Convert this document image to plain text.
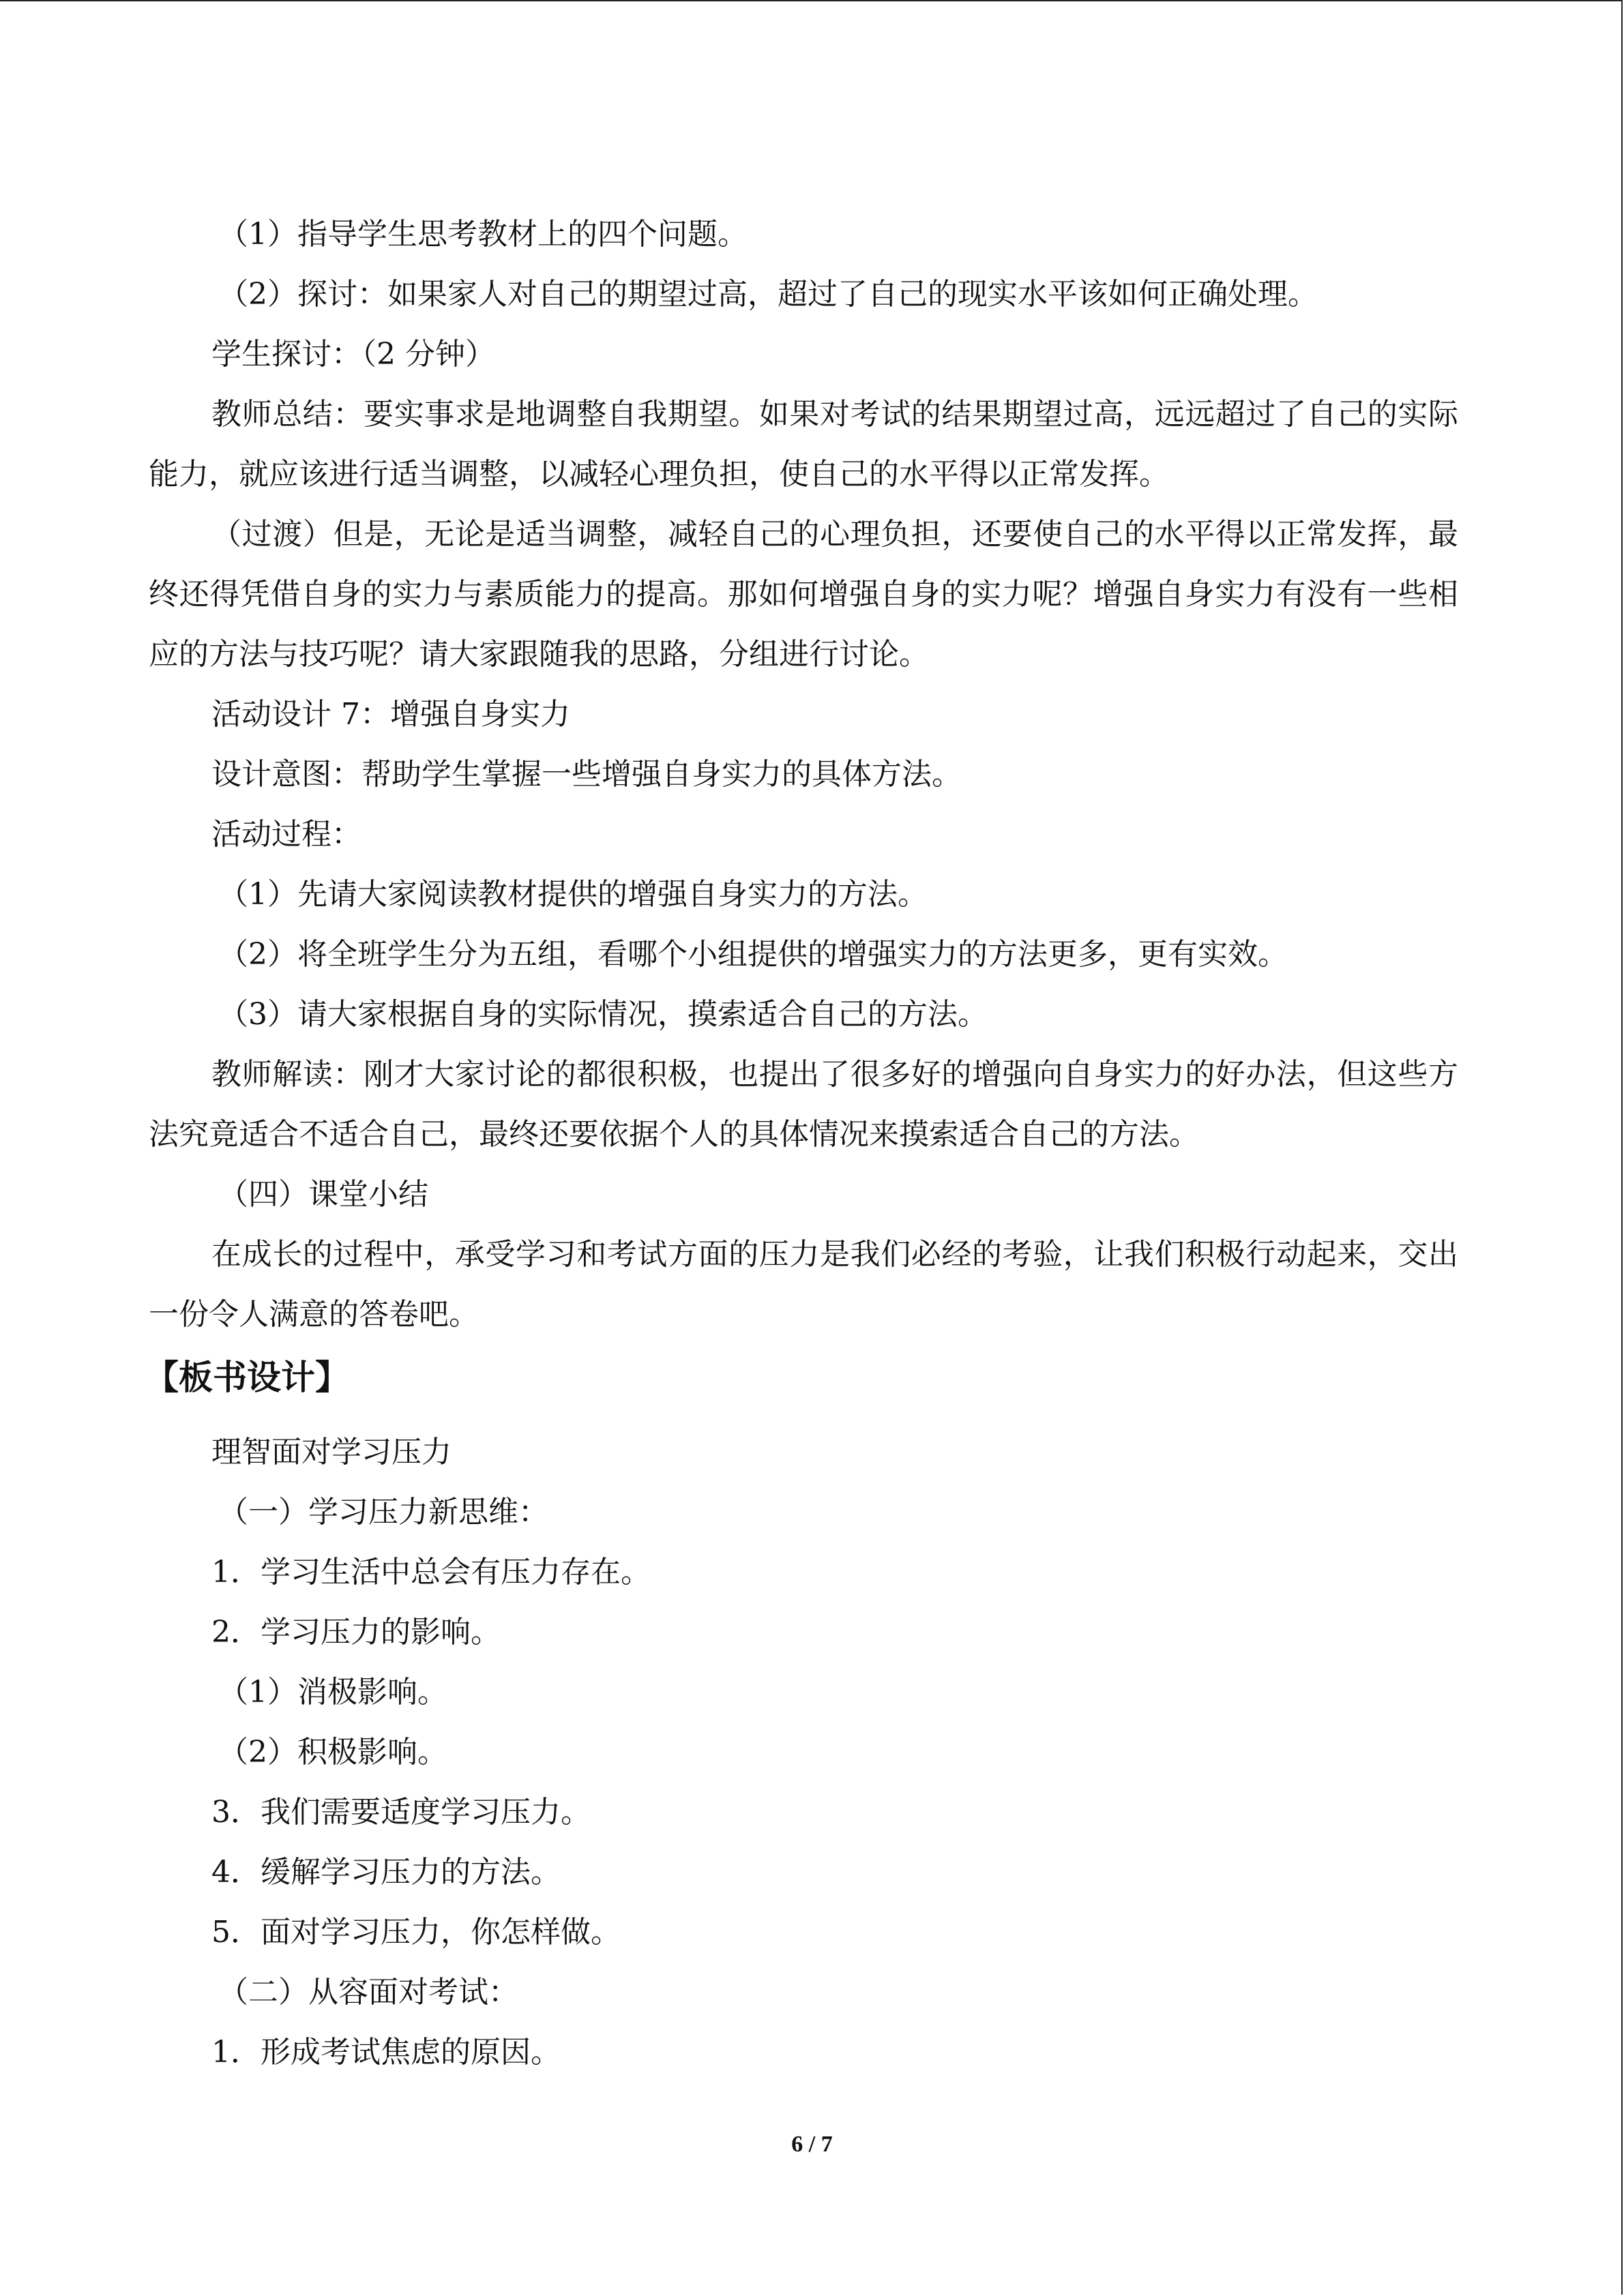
（1）指导学生思考教材上的四个问题。

（2）探讨：如果家人对自己的期望过高，超过了自己的现实水平该如何正确处理。

学生探讨：（2 分钟）

教师总结：要实事求是地调整自我期望。如果对考试的结果期望过高，远远超过了自己的实际能力，就应该进行适当调整，以减轻心理负担，使自己的水平得以正常发挥。

（过渡）但是，无论是适当调整，减轻自己的心理负担，还要使自己的水平得以正常发挥，最终还得凭借自身的实力与素质能力的提高。那如何增强自身的实力呢？增强自身实力有没有一些相应的方法与技巧呢？请大家跟随我的思路，分组进行讨论。

活动设计 7：增强自身实力

设计意图：帮助学生掌握一些增强自身实力的具体方法。

活动过程：

（1）先请大家阅读教材提供的增强自身实力的方法。

（2）将全班学生分为五组，看哪个小组提供的增强实力的方法更多，更有实效。

（3）请大家根据自身的实际情况，摸索适合自己的方法。

教师解读：刚才大家讨论的都很积极，也提出了很多好的增强向自身实力的好办法，但这些方法究竟适合不适合自己，最终还要依据个人的具体情况来摸索适合自己的方法。

（四）课堂小结

在成长的过程中，承受学习和考试方面的压力是我们必经的考验，让我们积极行动起来，交出一份令人满意的答卷吧。

【板书设计】

理智面对学习压力

（一）学习压力新思维：

1．学习生活中总会有压力存在。

2．学习压力的影响。

（1）消极影响。

（2）积极影响。

3．我们需要适度学习压力。

4．缓解学习压力的方法。

5．面对学习压力，你怎样做。

（二）从容面对考试：

1．形成考试焦虑的原因。

6 / 7
